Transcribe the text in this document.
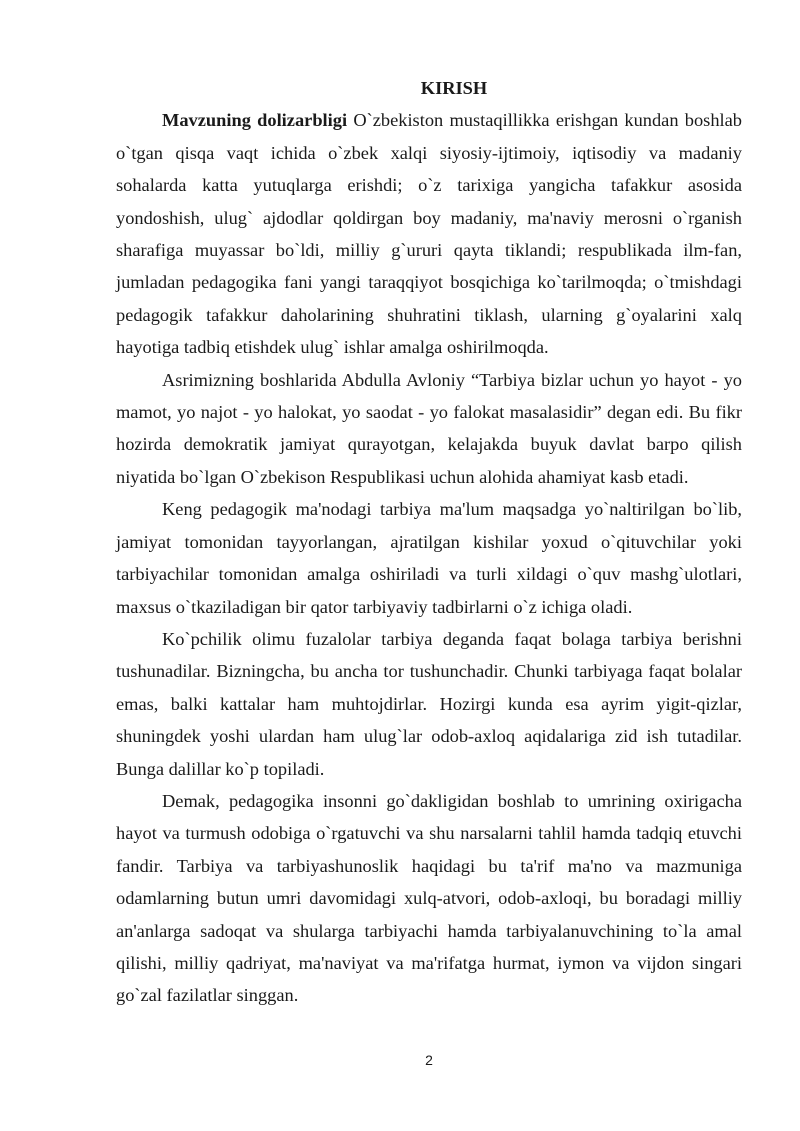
KIRISH

Mavzuning dolizarbligi O`zbekiston mustaqillikka erishgan kundan boshlab o`tgan qisqa vaqt ichida o`zbek xalqi siyosiy-ijtimoiy, iqtisodiy va madaniy sohalarda katta yutuqlarga erishdi; o`z tarixiga yangicha tafakkur asosida yondoshish, ulug` ajdodlar qoldirgan boy madaniy, ma'naviy merosni o`rganish sharafiga muyassar bo`ldi, milliy g`ururi qayta tiklandi; respublikada ilm-fan, jumladan pedagogika fani yangi taraqqiyot bosqichiga ko`tarilmoqda; o`tmishdagi pedagogik tafakkur daholarining shuhratini tiklash, ularning g`oyalarini xalq hayotiga tadbiq etishdek ulug` ishlar amalga oshirilmoqda.

Asrimizning boshlarida Abdulla Avloniy “Tarbiya bizlar uchun yo hayot - yo mamot, yo najot - yo halokat, yo saodat - yo falokat masalasidir” degan edi. Bu fikr hozirda demokratik jamiyat qurayotgan, kelajakda buyuk davlat barpo qilish niyatida bo`lgan O`zbekison Respublikasi uchun alohida ahamiyat kasb etadi.

Keng pedagogik ma'nodagi tarbiya ma'lum maqsadga yo`naltirilgan bo`lib, jamiyat tomonidan tayyorlangan, ajratilgan kishilar yoxud o`qituvchilar yoki tarbiyachilar tomonidan amalga oshiriladi va turli xildagi o`quv mashg`ulotlari, maxsus o`tkaziladigan bir qator tarbiyaviy tadbirlarni o`z ichiga oladi.

Ko`pchilik olimu fuzalolar tarbiya deganda faqat bolaga tarbiya berishni tushunadilar. Bizningcha, bu ancha tor tushunchadir. Chunki tarbiyaga faqat bolalar emas, balki kattalar ham muhtojdirlar. Hozirgi kunda esa ayrim yigit-qizlar, shuningdek yoshi ulardan ham ulug`lar odob-axloq aqidalariga zid ish tutadilar. Bunga dalillar ko`p topiladi.

Demak, pedagogika insonni go`dakligidan boshlab to umrining oxirigacha hayot va turmush odobiga o`rgatuvchi va shu narsalarni tahlil hamda tadqiq etuvchi fandir. Tarbiya va tarbiyashunoslik haqidagi bu ta'rif ma'no va mazmuniga odamlarning butun umri davomidagi xulq-atvori, odob-axloqi, bu boradagi milliy an'anlarga sadoqat va shularga tarbiyachi hamda tarbiyalanuvchining to`la amal qilishi, milliy qadriyat, ma'naviyat va ma'rifatga hurmat, iymon va vijdon singari go`zal fazilatlar singgan.

2
